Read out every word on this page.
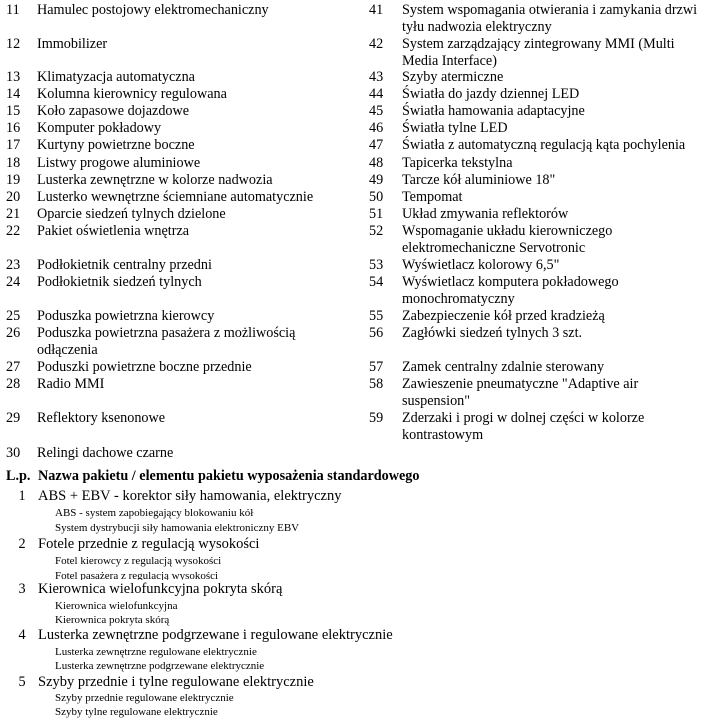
11	Hamulec postojowy elektromechaniczny
12	Immobilizer
13	Klimatyzacja automatyczna
14	Kolumna kierownicy regulowana
15	Koło zapasowe dojazdowe
16	Komputer pokładowy
17	Kurtyny powietrzne boczne
18	Listwy progowe aluminiowe
19	Lusterka zewnętrzne w kolorze nadwozia
20	Lusterko wewnętrzne ściemniane automatycznie
21	Oparcie siedzeń tylnych dzielone
22	Pakiet oświetlenia wnętrza
23	Podłokietnik centralny przedni
24	Podłokietnik siedzeń tylnych
25	Poduszka powietrzna kierowcy
26	Poduszka powietrzna pasażera z możliwością odłączenia
27	Poduszki powietrzne boczne przednie
28	Radio MMI
29	Reflektory ksenonowe
30	Relingi dachowe czarne
41	System wspomagania otwierania i zamykania drzwi tyłu nadwozia elektryczny
42	System zarządzający zintegrowany MMI (Multi Media Interface)
43	Szyby atermiczne
44	Światła do jazdy dziennej LED
45	Światła hamowania adaptacyjne
46	Światła tylne LED
47	Światła z automatyczną regulacją kąta pochylenia
48	Tapicerka tekstylna
49	Tarcze kół aluminiowe 18"
50	Tempomat
51	Układ zmywania reflektorów
52	Wspomaganie układu kierowniczego elektromechaniczne Servotronic
53	Wyświetlacz kolorowy 6,5"
54	Wyświetlacz komputera pokładowego monochromatyczny
55	Zabezpieczenie kół przed kradzieżą
56	Zagłówki siedzeń tylnych 3 szt.
57	Zamek centralny zdalnie sterowany
58	Zawieszenie pneumatyczne "Adaptive air suspension"
59	Zderzaki i progi w dolnej części w kolorze kontrastowym
L.p. Nazwa pakietu / elementu pakietu wyposażenia standardowego
1 ABS + EBV - korektor siły hamowania, elektryczny
ABS - system zapobiegający blokowaniu kół
System dystrybucji siły hamowania elektroniczny EBV
2 Fotele przednie z regulacją wysokości
Fotel kierowcy z regulacją wysokości
Fotel pasażera z regulacją wysokości
3 Kierownica wielofunkcyjna pokryta skórą
Kierownica wielofunkcyjna
Kierownica pokryta skórą
4 Lusterka zewnętrzne podgrzewane i regulowane elektrycznie
Lusterka zewnętrzne regulowane elektrycznie
Lusterka zewnętrzne podgrzewane elektrycznie
5 Szyby przednie i tylne regulowane elektrycznie
Szyby przednie regulowane elektrycznie
Szyby tylne regulowane elektrycznie
